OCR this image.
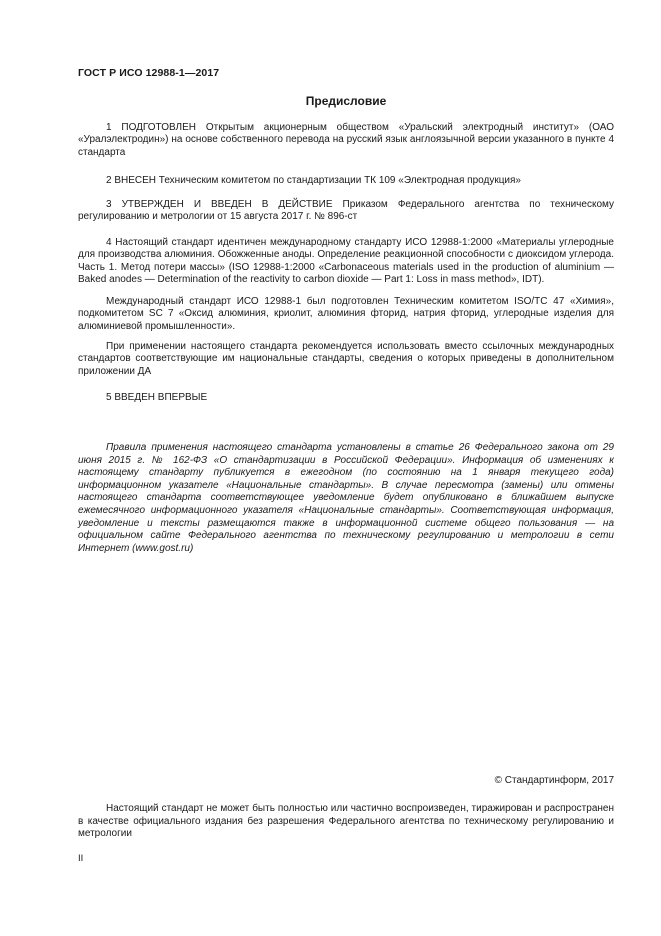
ГОСТ Р ИСО 12988-1—2017
Предисловие

1 ПОДГОТОВЛЕН Открытым акционерным обществом «Уральский электродный институт» (ОАО «Уралэлектродин») на основе собственного перевода на русский язык англоязычной версии указанного в пункте 4 стандарта

2 ВНЕСЕН Техническим комитетом по стандартизации ТК 109 «Электродная продукция»

3 УТВЕРЖДЕН И ВВЕДЕН В ДЕЙСТВИЕ Приказом Федерального агентства по техническому регулированию и метрологии от 15 августа 2017 г. № 896-ст

4 Настоящий стандарт идентичен международному стандарту ИСО 12988-1:2000 «Материалы углеродные для производства алюминия. Обожженные аноды. Определение реакционной способности с диоксидом углерода. Часть 1. Метод потери массы» (ISO 12988-1:2000 «Carbonaceous materials used in the production of aluminium — Baked anodes — Determination of the reactivity to carbon dioxide — Part 1: Loss in mass method», IDT).

Международный стандарт ИСО 12988-1 был подготовлен Техническим комитетом ISO/TC 47 «Химия», подкомитетом SC 7 «Оксид алюминия, криолит, алюминия фторид, натрия фторид, углеродные изделия для алюминиевой промышленности».

При применении настоящего стандарта рекомендуется использовать вместо ссылочных международных стандартов соответствующие им национальные стандарты, сведения о которых приведены в дополнительном приложении ДА

5 ВВЕДЕН ВПЕРВЫЕ

Правила применения настоящего стандарта установлены в статье 26 Федерального закона от 29 июня 2015 г. № 162-ФЗ «О стандартизации в Российской Федерации». Информация об изменениях к настоящему стандарту публикуется в ежегодном (по состоянию на 1 января текущего года) информационном указателе «Национальные стандарты». В случае пересмотра (замены) или отмены настоящего стандарта соответствующее уведомление будет опубликовано в ближайшем выпуске ежемесячного информационного указателя «Национальные стандарты». Соответствующая информация, уведомление и тексты размещаются также в информационной системе общего пользования — на официальном сайте Федерального агентства по техническому регулированию и метрологии в сети Интернет (www.gost.ru)

© Стандартинформ, 2017

Настоящий стандарт не может быть полностью или частично воспроизведен, тиражирован и распространен в качестве официального издания без разрешения Федерального агентства по техническому регулированию и метрологии

II
